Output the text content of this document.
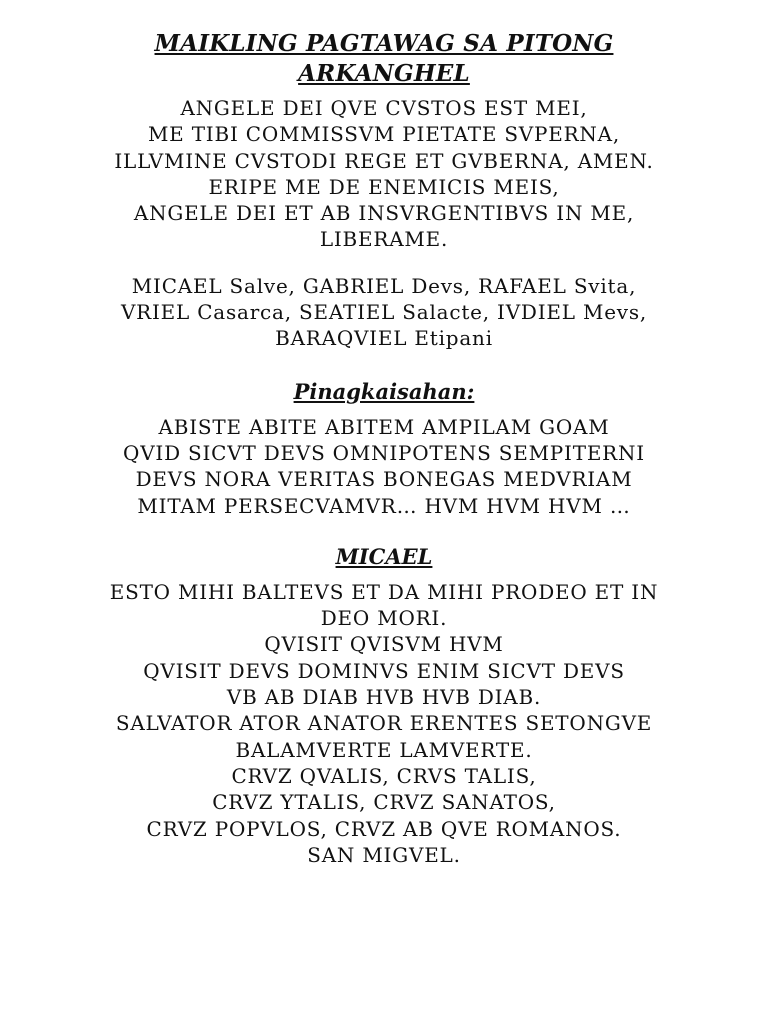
MAIKLING PAGTAWAG SA PITONG
ARKANGHEL

ANGELE DEI QVE CVSTOS EST MEI,
ME TIBI COMMISSVM PIETATE SVPERNA,
ILLVMINE CVSTODI REGE ET GVBERNA, AMEN.
ERIPE ME DE ENEMICIS MEIS,
ANGELE DEI ET AB INSVRGENTIBVS IN ME,
LIBERAME.

MICAEL Salve, GABRIEL Devs, RAFAEL Svita,
VRIEL Casarca, SEATIEL Salacte, IVDIEL Mevs,
BARAQVIEL Etipani

Pinagkaisahan:

ABISTE ABITE ABITEM AMPILAM GOAM
QVID SICVT DEVS OMNIPOTENS SEMPITERNI
DEVS NORA VERITAS BONEGAS MEDVRIAM
MITAM PERSECVAMVR… HVM HVM HVM …

MICAEL

ESTO MIHI BALTEVS ET DA MIHI PRODEO ET IN
DEO MORI.
QVISIT QVISVM HVM
QVISIT DEVS DOMINVS ENIM SICVT DEVS
VB AB DIAB HVB HVB DIAB.
SALVATOR ATOR ANATOR ERENTES SETONGVE
BALAMVERTE LAMVERTE.
CRVZ QVALIS, CRVS TALIS,
CRVZ YTALIS, CRVZ SANATOS,
CRVZ POPVLOS, CRVZ AB QVE ROMANOS.
SAN MIGVEL.
